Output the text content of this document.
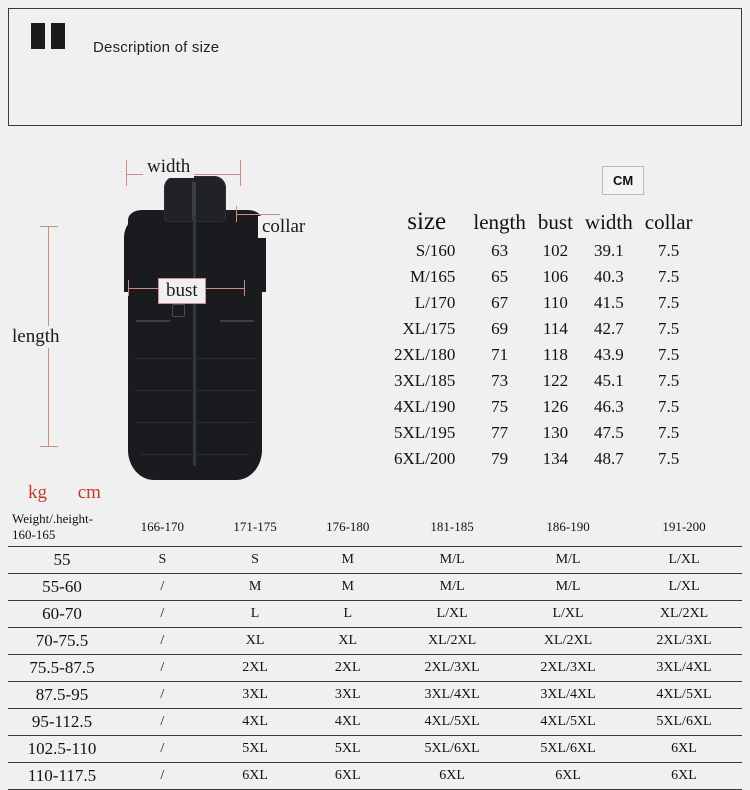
Description of size
width
collar
bust
length
CM
size	length	bust	width	collar
S/160	63	102	39.1	7.5
M/165	65	106	40.3	7.5
L/170	67	110	41.5	7.5
XL/175	69	114	42.7	7.5
2XL/180	71	118	43.9	7.5
3XL/185	73	122	45.1	7.5
4XL/190	75	126	46.3	7.5
5XL/195	77	130	47.5	7.5
6XL/200	79	134	48.7	7.5
kg cm
Weight/.height-160-165	166-170	171-175	176-180	181-185	186-190	191-200
55	S	S	M	M/L	M/L	L/XL
55-60	/	M	M	M/L	M/L	L/XL
60-70	/	L	L	L/XL	L/XL	XL/2XL
70-75.5	/	XL	XL	XL/2XL	XL/2XL	2XL/3XL
75.5-87.5	/	2XL	2XL	2XL/3XL	2XL/3XL	3XL/4XL
87.5-95	/	3XL	3XL	3XL/4XL	3XL/4XL	4XL/5XL
95-112.5	/	4XL	4XL	4XL/5XL	4XL/5XL	5XL/6XL
102.5-110	/	5XL	5XL	5XL/6XL	5XL/6XL	6XL
110-117.5	/	6XL	6XL	6XL	6XL	6XL
